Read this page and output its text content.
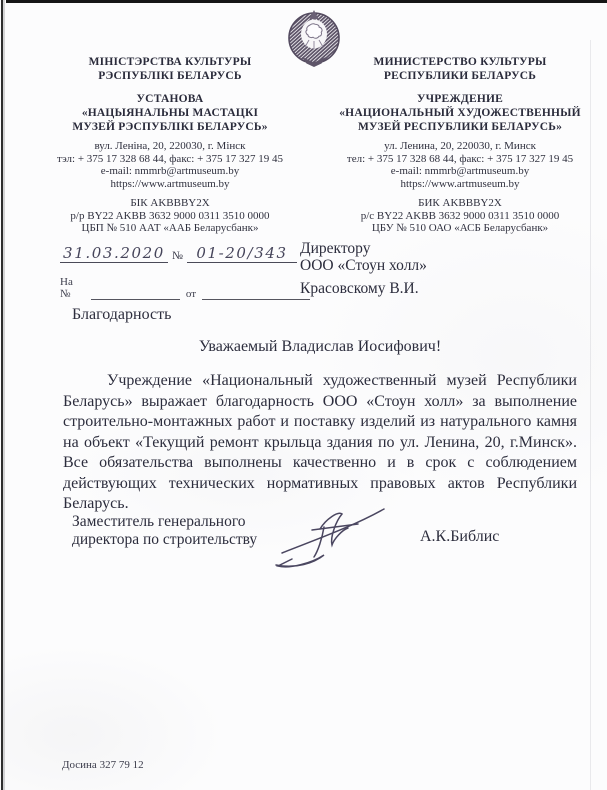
МІНІСТЭРСТВА КУЛЬТУРЫ
РЭСПУБЛІКІ БЕЛАРУСЬ
УСТАНОВА
«НАЦЫЯНАЛЬНЫ МАСТАЦКІ
МУЗЕЙ РЭСПУБЛІКІ БЕЛАРУСЬ»
вул. Леніна, 20, 220030, г. Мінск
тэл: + 375 17 328 68 44, факс: + 375 17 327 19 45
e-mail: nmmrb@artmuseum.by
https://www.artmuseum.by
БІК AKBBBY2X
р/р BY22 AKBB 3632 9000 0311 3510 0000
ЦБП № 510 ААТ «ААБ Беларусбанк»
МИНИСТЕРСТВО КУЛЬТУРЫ
РЕСПУБЛИКИ БЕЛАРУСЬ
УЧРЕЖДЕНИЕ
«НАЦИОНАЛЬНЫЙ ХУДОЖЕСТВЕННЫЙ
МУЗЕЙ РЕСПУБЛИКИ БЕЛАРУСЬ»
ул. Ленина, 20, 220030, г. Минск
тел: + 375 17 328 68 44, факс: + 375 17 327 19 45
e-mail: nmmrb@artmuseum.by
https://www.artmuseum.by
БИК AKBBBY2X
р/с BY22 AKBB 3632 9000 0311 3510 0000
ЦБУ № 510 ОАО «АСБ Беларусбанк»
31.03.2020 № 01-20/343
На №	от
Директору
ООО «Стоун холл»
Красовскому В.И.
Благодарность
Уважаемый Владислав Иосифович!

Учреждение «Национальный художественный музей Республики Беларусь» выражает благодарность ООО «Стоун холл» за выполнение строительно-монтажных работ и поставку изделий из натурального камня на объект «Текущий ремонт крыльца здания по ул. Ленина, 20, г.Минск». Все обязательства выполнены качественно и в срок с соблюдением действующих технических нормативных правовых актов Республики Беларусь.

Заместитель генерального
директора по строительству	А.К.Библис
Досина 327 79 12
